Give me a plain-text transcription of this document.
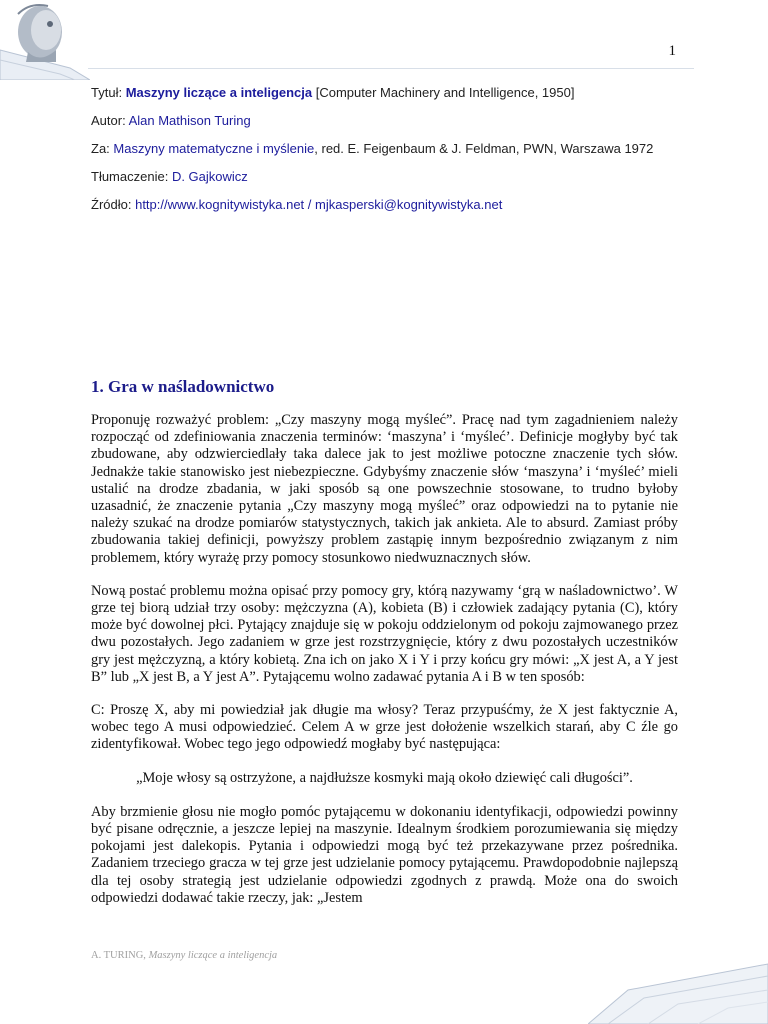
1
Tytuł: Maszyny liczące a inteligencja [Computer Machinery and Intelligence, 1950]
Autor: Alan Mathison Turing
Za: Maszyny matematyczne i myślenie, red. E. Feigenbaum & J. Feldman, PWN, Warszawa 1972
Tłumaczenie: D. Gajkowicz
Źródło: http://www.kognitywistyka.net / mjkasperski@kognitywistyka.net
1. Gra w naśladownictwo

Proponuję rozważyć problem: „Czy maszyny mogą myśleć”. Pracę nad tym zagadnieniem należy rozpocząć od zdefiniowania znaczenia terminów: ‘maszyna’ i ‘myśleć’. Definicje mogłyby być tak zbudowane, aby odzwierciedlały taka dalece jak to jest możliwe potoczne znaczenie tych słów. Jednakże takie stanowisko jest niebezpieczne. Gdybyśmy znaczenie słów ‘maszyna’ i ‘myśleć’ mieli ustalić na drodze zbadania, w jaki sposób są one powszechnie stosowane, to trudno byłoby uzasadnić, że znaczenie pytania „Czy maszyny mogą myśleć” oraz odpowiedzi na to pytanie nie należy szukać na drodze pomiarów statystycznych, takich jak ankieta. Ale to absurd. Zamiast próby zbudowania takiej definicji, powyższy problem zastąpię innym bezpośrednio związanym z nim problemem, który wyrażę przy pomocy stosunkowo niedwuznacznych słów.

Nową postać problemu można opisać przy pomocy gry, którą nazywamy ‘grą w naśladownictwo’. W grze tej biorą udział trzy osoby: mężczyzna (A), kobieta (B) i człowiek zadający pytania (C), który może być dowolnej płci. Pytający znajduje się w pokoju oddzielonym od pokoju zajmowanego przez dwu pozostałych. Jego zadaniem w grze jest rozstrzygnięcie, który z dwu pozostałych uczestników gry jest mężczyzną, a który kobietą. Zna ich on jako X i Y i przy końcu gry mówi: „X jest A, a Y jest B” lub „X jest B, a Y jest A”. Pytającemu wolno zadawać pytania A i B w ten sposób:

C: Proszę X, aby mi powiedział jak długie ma włosy? Teraz przypuśćmy, że X jest faktycznie A, wobec tego A musi odpowiedzieć. Celem A w grze jest dołożenie wszelkich starań, aby C źle go zidentyfikował. Wobec tego jego odpowiedź mogłaby być następująca:

„Moje włosy są ostrzyżone, a najdłuższe kosmyki mają około dziewięć cali długości”.

Aby brzmienie głosu nie mogło pomóc pytającemu w dokonaniu identyfikacji, odpowiedzi powinny być pisane odręcznie, a jeszcze lepiej na maszynie. Idealnym środkiem porozumiewania się między pokojami jest dalekopis. Pytania i odpowiedzi mogą być też przekazywane przez pośrednika. Zadaniem trzeciego gracza w tej grze jest udzielanie pomocy pytającemu. Prawdopodobnie najlepszą dla tej osoby strategią jest udzielanie odpowiedzi zgodnych z prawdą. Może ona do swoich odpowiedzi dodawać takie rzeczy, jak: „Jestem

A. TURING, Maszyny liczące a inteligencja
